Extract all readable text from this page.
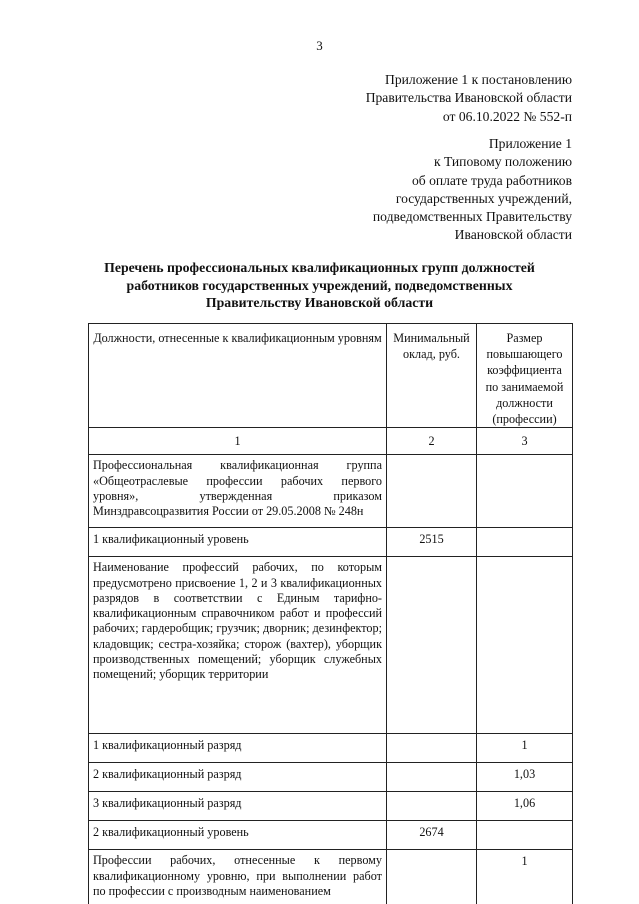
3
Приложение 1 к постановлению
Правительства Ивановской области
от 06.10.2022 № 552-п
Приложение 1
к Типовому положению
об оплате труда работников
государственных учреждений,
подведомственных Правительству
Ивановской области
Перечень профессиональных квалификационных групп должностей
работников государственных учреждений, подведомственных
Правительству Ивановской области
Должности, отнесенные к квалификационным уровням	Минимальный оклад, руб.	Размер повышающего коэффициента по занимаемой должности (профессии)

1	2	3

Профессиональная квалификационная группа «Общеотраслевые профессии рабочих первого уровня», утвержденная приказом Минздравсоцразвития России от 29.05.2008 № 248н		

1 квалификационный уровень	2515	

Наименование профессий рабочих, по которым предусмотрено присвоение 1, 2 и 3 квалификационных разрядов в соответствии с Единым тарифно-квалификационным справочником работ и профессий рабочих; гардеробщик; грузчик; дворник; дезинфектор; кладовщик; сестра-хозяйка; сторож (вахтер), уборщик производственных помещений; уборщик служебных помещений; уборщик территории		

1 квалификационный разряд		1

2 квалификационный разряд		1,03

3 квалификационный разряд		1,06

2 квалификационный уровень	2674	

Профессии рабочих, отнесенные к первому квалификационному уровню, при выполнении работ по профессии с производным наименованием		1
